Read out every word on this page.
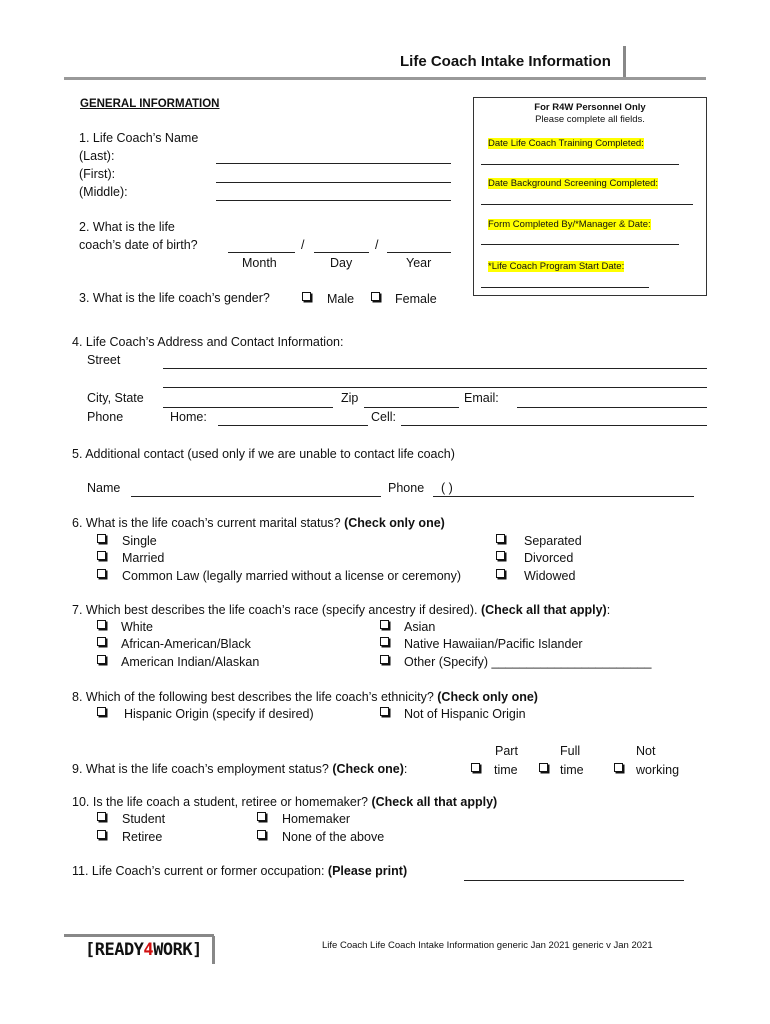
Life Coach Intake Information
GENERAL INFORMATION
1. Life Coach’s Name
(Last):
(First):
(Middle):
2. What is the life
coach’s date of birth?	/	/
Month	Day	Year
3. What is the life coach’s gender?	Male	Female
For R4W Personnel Only
Please complete all fields.
Date Life Coach Training Completed:
Date Background Screening Completed:
Form Completed By/*Manager & Date:
*Life Coach Program Start Date:
4. Life Coach’s Address and Contact Information:
Street
City, State	Zip	Email:
Phone	Home:	Cell:
5. Additional contact (used only if we are unable to contact life coach)
Name	Phone ( )
6. What is the life coach’s current marital status? (Check only one)
Single
Married
Common Law (legally married without a license or ceremony)
Separated
Divorced
Widowed
7. Which best describes the life coach’s race (specify ancestry if desired). (Check all that apply):
White
African-American/Black
American Indian/Alaskan
Asian
Native Hawaiian/Pacific Islander
Other (Specify) _______________________
8. Which of the following best describes the life coach’s ethnicity? (Check only one)
Hispanic Origin (specify if desired)	Not of Hispanic Origin
Part	Full	Not
9. What is the life coach’s employment status? (Check one):	time	time	working
10. Is the life coach a student, retiree or homemaker? (Check all that apply)
Student
Retiree
Homemaker
None of the above
11. Life Coach’s current or former occupation: (Please print)
[READY4WORK]	Life Coach Life Coach Intake Information generic Jan 2021 generic v Jan 2021
